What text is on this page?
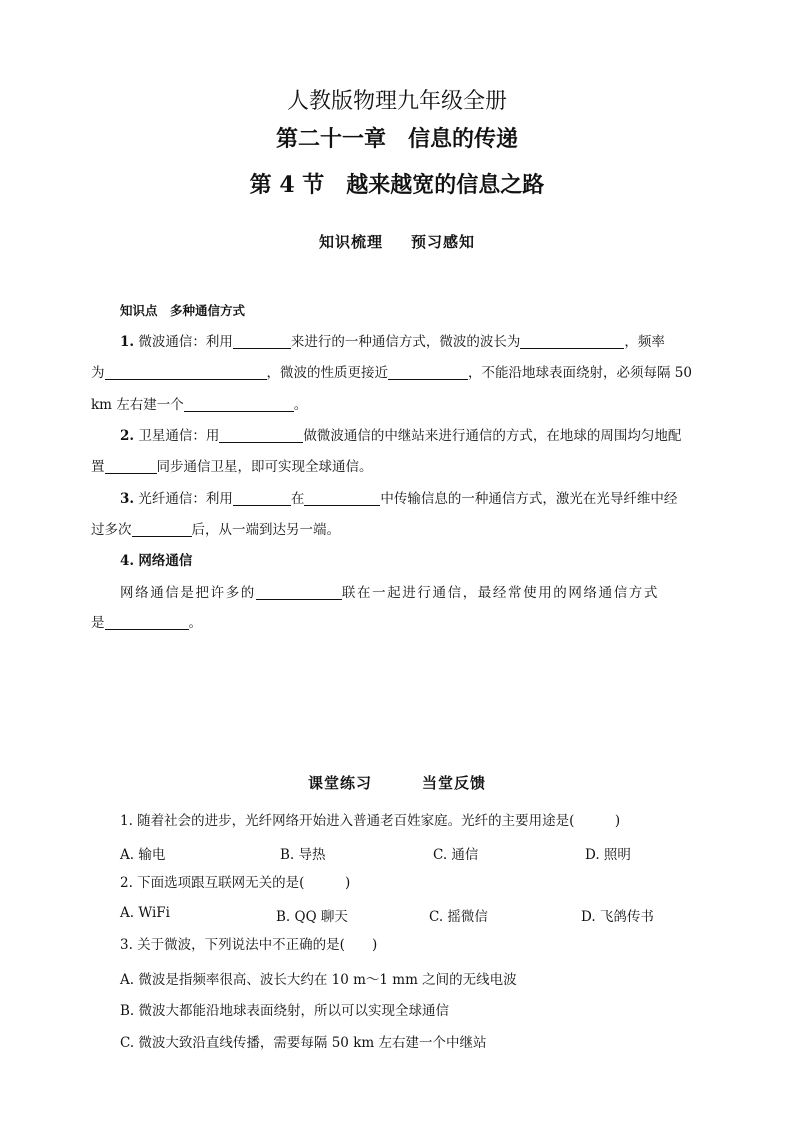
人教版物理九年级全册
第二十一章　信息的传递
第 4 节　越来越宽的信息之路
知识梳理 预习感知
知识点　多种通信方式
1. 微波通信：利用	来进行的一种通信方式，微波的波长为	，频率
为	，微波的性质更接近	，不能沿地球表面绕射，必须每隔 50
km 左右建一个	。
2. 卫星通信：用	做微波通信的中继站来进行通信的方式，在地球的周围均匀地配
置	同步通信卫星，即可实现全球通信。
3. 光纤通信：利用	在	中传输信息的一种通信方式，激光在光导纤维中经
过多次	后，从一端到达另一端。
4. 网络通信
网络通信是把许多的	联在一起进行通信，最经常使用的网络通信方式
是	。
课堂练习	当堂反馈
1. 随着社会的进步，光纤网络开始进入普通老百姓家庭。光纤的主要用途是(　　　)
A. 输电	B. 导热	C. 通信	D. 照明
2. 下面选项跟互联网无关的是(　　　)
A. WiFi	B. QQ 聊天	C. 摇微信	D. 飞鸽传书
3. 关于微波，下列说法中不正确的是(　　)
A. 微波是指频率很高、波长大约在 10 m～1 mm 之间的无线电波
B. 微波大都能沿地球表面绕射，所以可以实现全球通信
C. 微波大致沿直线传播，需要每隔 50 km 左右建一个中继站
